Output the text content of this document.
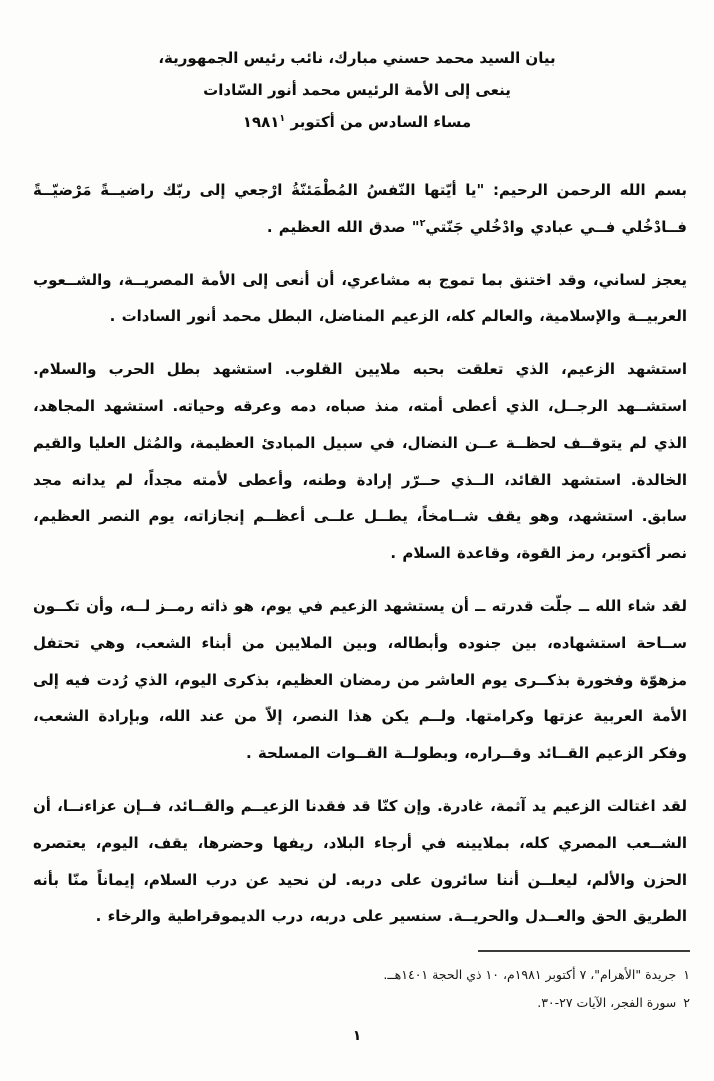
بيان السيد محمد حسني مبارك، نائب رئيس الجمهورية،
ينعى إلى الأمة الرئيس محمد أنور السّادات
مساء السادس من أكتوبر ١٩٨١$^١$

بسم الله الرحمن الرحيم: "يا أيّتها النّفسُ المُطْمَئنّةُ ارْجعي إلى ربّك راضيــةً مَرْضيّــةً فــادْخُلي فــي عبادي وادْخُلي جَنّتي$^٢$" صدق الله العظيم .

يعجز لساني، وقد اختنق بما تموج به مشاعري، أن أنعى إلى الأمة المصريــة، والشــعوب العربيــة والإسلامية، والعالم كله، الزعيم المناضل، البطل محمد أنور السادات .

استشهد الزعيم، الذي تعلقت بحبه ملايين القلوب. استشهد بطل الحرب والسلام. استشــهد الرجــل، الذي أعطى أمته، منذ صباه، دمه وعرقه وحياته. استشهد المجاهد، الذي لم يتوقــف لحظــة عــن النضال، في سبيل المبادئ العظيمة، والمُثل العليا والقيم الخالدة. استشهد القائد، الــذي حــرّر إرادة وطنه، وأعطى لأمته مجداً، لم يدانه مجد سابق. استشهد، وهو يقف شــامخاً، يطــل علــى أعظــم إنجازاته، يوم النصر العظيم، نصر أكتوبر، رمز القوة، وقاعدة السلام .

لقد شاء الله ــ جلّت قدرته ــ أن يستشهد الزعيم في يوم، هو ذاته رمــز لــه، وأن تكــون ســاحة استشهاده، بين جنوده وأبطاله، وبين الملايين من أبناء الشعب، وهي تحتفل مزهوّة وفخورة بذكــرى يوم العاشر من رمضان العظيم، بذكرى اليوم، الذي رُدت فيه إلى الأمة العربية عزتها وكرامتها. ولــم يكن هذا النصر، إلاّ من عند الله، وبإرادة الشعب، وفكر الزعيم القــائد وقــراره، وبطولــة القــوات المسلحة .

لقد اغتالت الزعيم يد آثمة، غادرة. وإن كنّا قد فقدنا الزعيــم والقــائد، فــإن عزاءنــا، أن الشــعب المصري كله، بملايينه في أرجاء البلاد، ريفها وحضرها، يقف، اليوم، يعتصره الحزن والألم، ليعلــن أننا سائرون على دربه. لن نحيد عن درب السلام، إيماناً منّا بأنه الطريق الحق والعــدل والحريــة. سنسير على دربه، درب الديموقراطية والرخاء .

١جريدة "الأهرام"، ٧ أكتوبر ١٩٨١م، ١٠ ذي الحجة ١٤٠١هــ.
٢سورة الفجر، الآيات ٢٧-٣٠.
١
